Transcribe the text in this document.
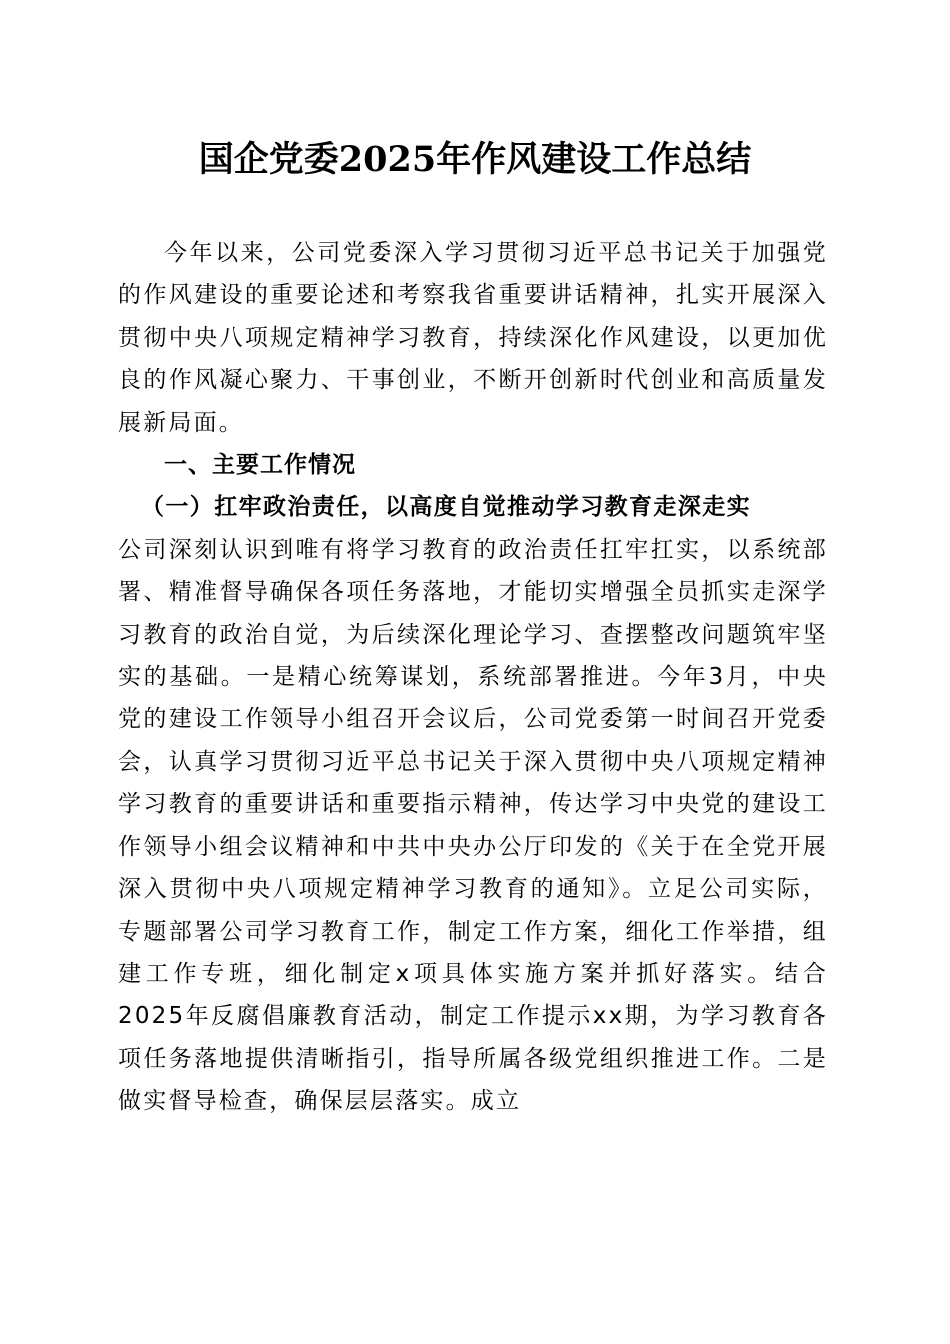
国企党委2025年作风建设工作总结

今年以来，公司党委深入学习贯彻习近平总书记关于加强党的作风建设的重要论述和考察我省重要讲话精神，扎实开展深入贯彻中央八项规定精神学习教育，持续深化作风建设，以更加优良的作风凝心聚力、干事创业，不断开创新时代创业和高质量发展新局面。

一、主要工作情况

（一）扛牢政治责任，以高度自觉推动学习教育走深走实

公司深刻认识到唯有将学习教育的政治责任扛牢扛实，以系统部署、精准督导确保各项任务落地，才能切实增强全员抓实走深学习教育的政治自觉，为后续深化理论学习、查摆整改问题筑牢坚实的基础。一是精心统筹谋划，系统部署推进。今年3月，中央党的建设工作领导小组召开会议后，公司党委第一时间召开党委会，认真学习贯彻习近平总书记关于深入贯彻中央八项规定精神学习教育的重要讲话和重要指示精神，传达学习中央党的建设工作领导小组会议精神和中共中央办公厅印发的《关于在全党开展深入贯彻中央八项规定精神学习教育的通知》。立足公司实际，专题部署公司学习教育工作，制定工作方案，细化工作举措，组建工作专班，细化制定x项具体实施方案并抓好落实。结合2025年反腐倡廉教育活动，制定工作提示xx期，为学习教育各项任务落地提供清晰指引，指导所属各级党组织推进工作。二是做实督导检查，确保层层落实。成立
